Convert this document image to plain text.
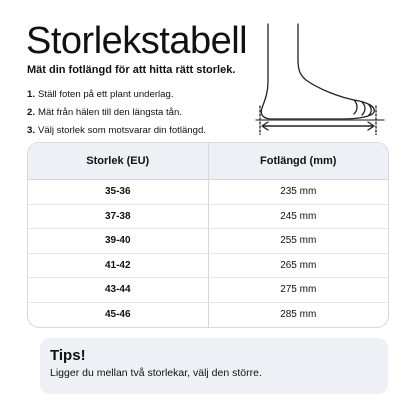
Storlekstabell

Mät din fotlängd för att hitta rätt storlek.

1. Ställ foten på ett plant underlag.
2. Mät från hälen till den längsta tån.
3. Välj storlek som motsvarar din fotlängd.
Storlek (EU)	Fotlängd (mm)
35-36	235 mm
37-38	245 mm
39-40	255 mm
41-42	265 mm
43-44	275 mm
45-46	285 mm

Tips!

Ligger du mellan två storlekar, välj den större.
